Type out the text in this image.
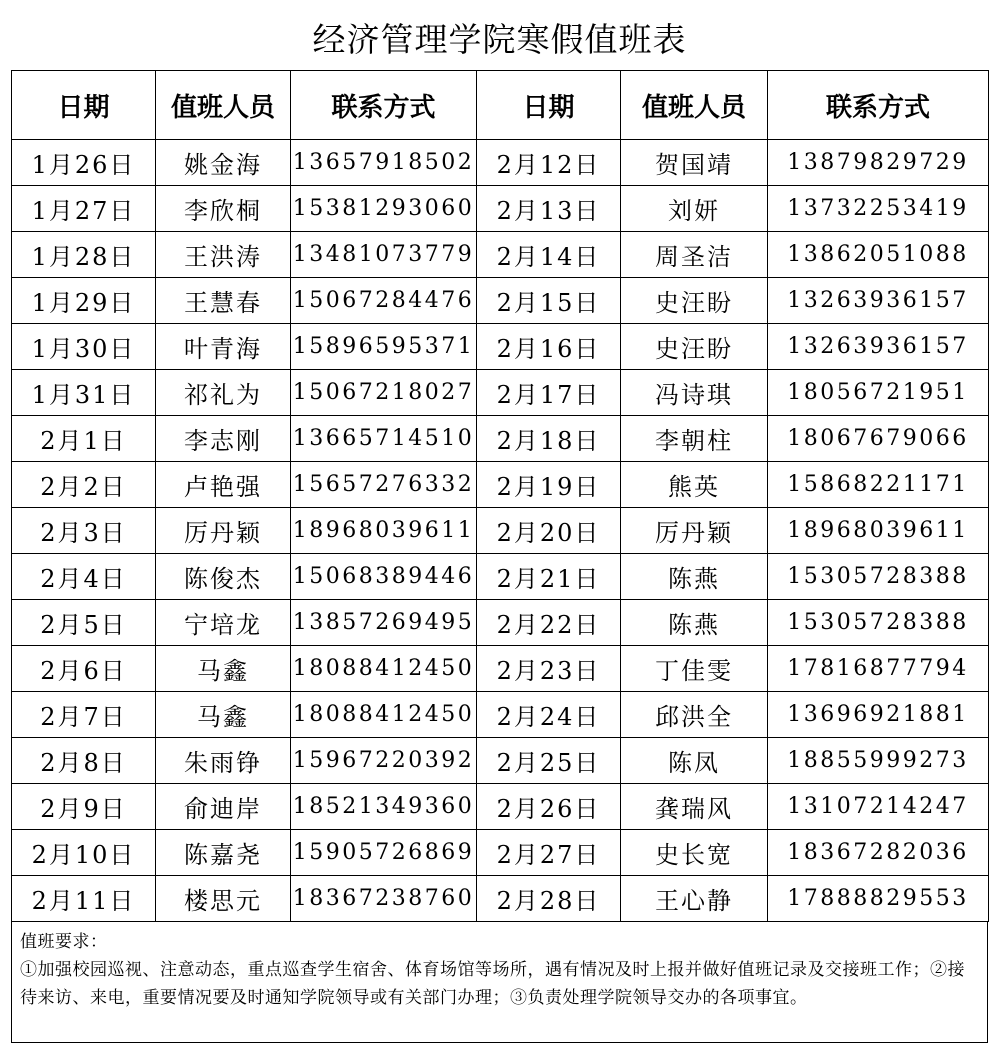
经济管理学院寒假值班表
日期	值班人员	联系方式	日期	值班人员	联系方式
1月26日	姚金海	13657918502	2月12日	贺国靖	13879829729
1月27日	李欣桐	15381293060	2月13日	刘妍	13732253419
1月28日	王洪涛	13481073779	2月14日	周圣洁	13862051088
1月29日	王慧春	15067284476	2月15日	史汪盼	13263936157
1月30日	叶青海	15896595371	2月16日	史汪盼	13263936157
1月31日	祁礼为	15067218027	2月17日	冯诗琪	18056721951
2月1日	李志刚	13665714510	2月18日	李朝柱	18067679066
2月2日	卢艳强	15657276332	2月19日	熊英	15868221171
2月3日	厉丹颖	18968039611	2月20日	厉丹颖	18968039611
2月4日	陈俊杰	15068389446	2月21日	陈燕	15305728388
2月5日	宁培龙	13857269495	2月22日	陈燕	15305728388
2月6日	马鑫	18088412450	2月23日	丁佳雯	17816877794
2月7日	马鑫	18088412450	2月24日	邱洪全	13696921881
2月8日	朱雨铮	15967220392	2月25日	陈凤	18855999273
2月9日	俞迪岸	18521349360	2月26日	龚瑞风	13107214247
2月10日	陈嘉尧	15905726869	2月27日	史长宽	18367282036
2月11日	楼思元	18367238760	2月28日	王心静	17888829553
值班要求：
①加强校园巡视、注意动态，重点巡查学生宿舍、体育场馆等场所，遇有情况及时上报并做好值班记录及交接班工作；②接待来访、来电，重要情况要及时通知学院领导或有关部门办理；③负责处理学院领导交办的各项事宜。
